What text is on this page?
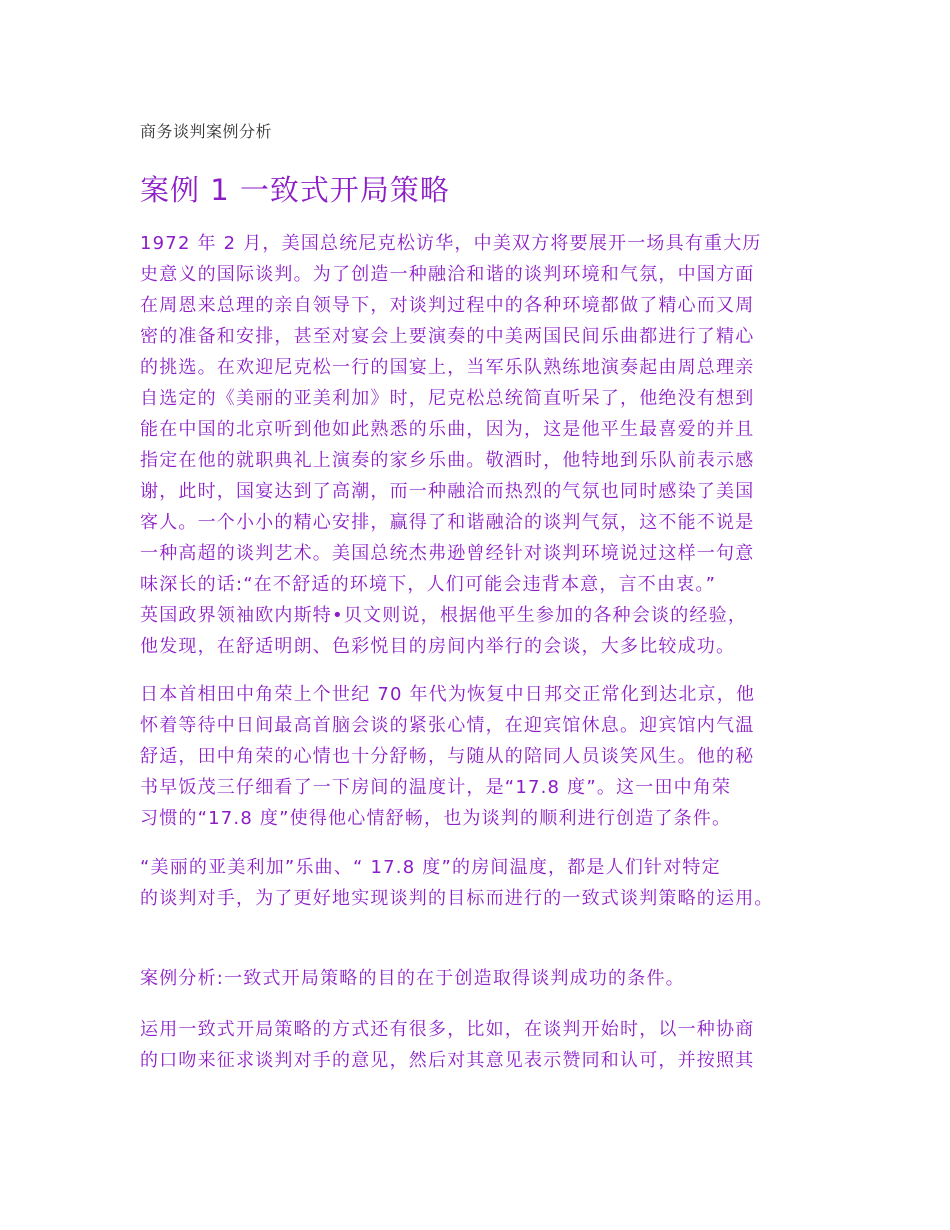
商务谈判案例分析
案例 1 一致式开局策略

1972 年 2 月，美国总统尼克松访华，中美双方将要展开一场具有重大历
史意义的国际谈判。为了创造一种融洽和谐的谈判环境和气氛，中国方面
在周恩来总理的亲自领导下，对谈判过程中的各种环境都做了精心而又周
密的准备和安排，甚至对宴会上要演奏的中美两国民间乐曲都进行了精心
的挑选。在欢迎尼克松一行的国宴上，当军乐队熟练地演奏起由周总理亲
自选定的《美丽的亚美利加》时，尼克松总统简直听呆了，他绝没有想到
能在中国的北京听到他如此熟悉的乐曲，因为，这是他平生最喜爱的并且
指定在他的就职典礼上演奏的家乡乐曲。敬酒时，他特地到乐队前表示感
谢，此时，国宴达到了高潮，而一种融洽而热烈的气氛也同时感染了美国
客人。一个小小的精心安排，赢得了和谐融洽的谈判气氛，这不能不说是
一种高超的谈判艺术。美国总统杰弗逊曾经针对谈判环境说过这样一句意
味深长的话:“在不舒适的环境下，人们可能会违背本意，言不由衷。”
英国政界领袖欧内斯特•贝文则说，根据他平生参加的各种会谈的经验，
他发现，在舒适明朗、色彩悦目的房间内举行的会谈，大多比较成功。

日本首相田中角荣上个世纪 70 年代为恢复中日邦交正常化到达北京，他
怀着等待中日间最高首脑会谈的紧张心情，在迎宾馆休息。迎宾馆内气温
舒适，田中角荣的心情也十分舒畅，与随从的陪同人员谈笑风生。他的秘
书早饭茂三仔细看了一下房间的温度计，是“17.8 度”。这一田中角荣
习惯的“17.8 度”使得他心情舒畅，也为谈判的顺利进行创造了条件。

“美丽的亚美利加”乐曲、“ 17.8 度”的房间温度，都是人们针对特定
的谈判对手，为了更好地实现谈判的目标而进行的一致式谈判策略的运用。

案例分析:一致式开局策略的目的在于创造取得谈判成功的条件。

运用一致式开局策略的方式还有很多，比如，在谈判开始时，以一种协商
的口吻来征求谈判对手的意见，然后对其意见表示赞同和认可，并按照其
